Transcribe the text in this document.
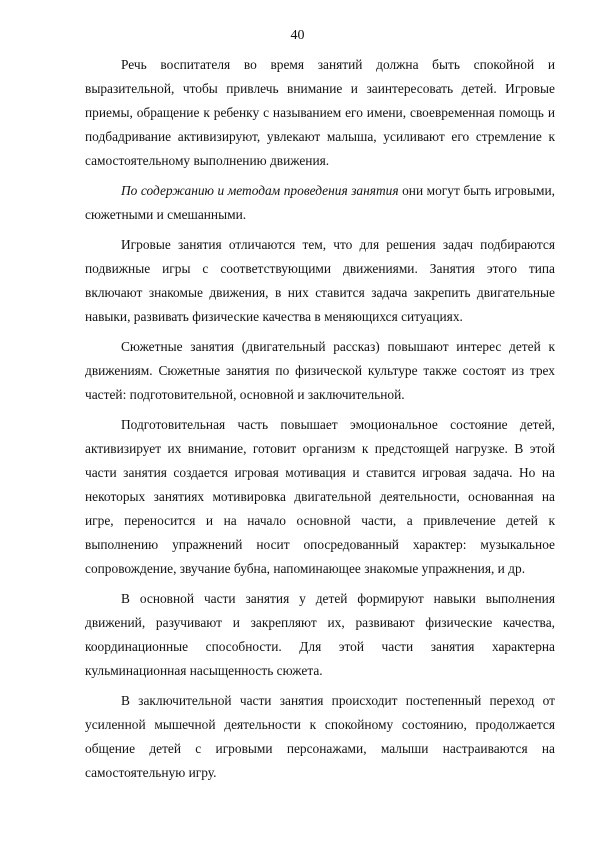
40

Речь воспитателя во время занятий должна быть спокойной и выразительной, чтобы привлечь внимание и заинтересовать детей. Игровые приемы, обращение к ребенку с называнием его имени, своевременная помощь и подбадривание активизируют, увлекают малыша, усиливают его стремление к самостоятельному выполнению движения.

По содержанию и методам проведения занятия они могут быть игровыми, сюжетными и смешанными.

Игровые занятия отличаются тем, что для решения задач подбираются подвижные игры с соответствующими движениями. Занятия этого типа включают знакомые движения, в них ставится задача закрепить двигательные навыки, развивать физические качества в меняющихся ситуациях.

Сюжетные занятия (двигательный рассказ) повышают интерес детей к движениям. Сюжетные занятия по физической культуре также состоят из трех частей: подготовительной, основной и заключительной.

Подготовительная часть повышает эмоциональное состояние детей, активизирует их внимание, готовит организм к предстоящей нагрузке. В этой части занятия создается игровая мотивация и ставится игровая задача. Но на некоторых занятиях мотивировка двигательной деятельности, основанная на игре, переносится и на начало основной части, а привлечение детей к выполнению упражнений носит опосредованный характер: музыкальное сопровождение, звучание бубна, напоминающее знакомые упражнения, и др.

В основной части занятия у детей формируют навыки выполнения движений, разучивают и закрепляют их, развивают физические качества, координационные способности. Для этой части занятия характерна кульминационная насыщенность сюжета.

В заключительной части занятия происходит постепенный переход от усиленной мышечной деятельности к спокойному состоянию, продолжается общение детей с игровыми персонажами, малыши настраиваются на самостоятельную игру.
